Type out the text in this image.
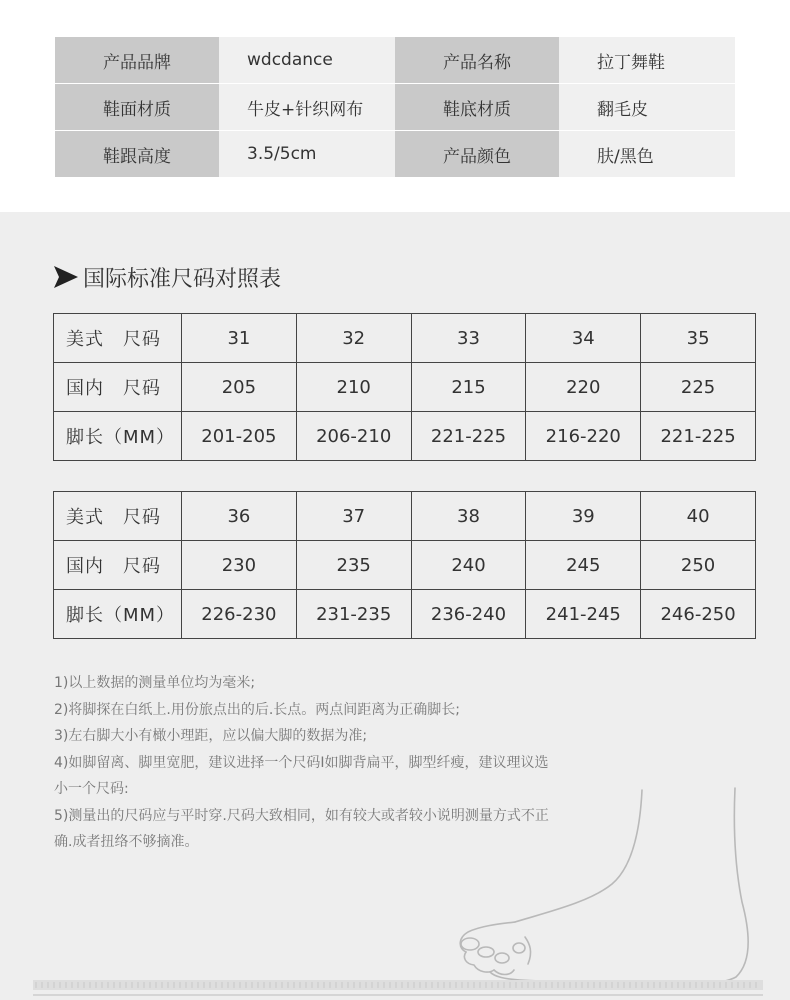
产品品牌	wdcdance	产品名称	拉丁舞鞋
鞋面材质	牛皮+针织网布	鞋底材质	翻毛皮
鞋跟高度	3.5/5cm	产品颜色	肤/黑色
国际标准尺码对照表
美式　尺码	31	32	33	34	35
国内　尺码	205	210	215	220	225
脚长（MM）	201-205	206-210	221-225	216-220	221-225
美式　尺码	36	37	38	39	40
国内　尺码	230	235	240	245	250
脚长（MM）	226-230	231-235	236-240	241-245	246-250

1)以上数据的测量单位均为毫米;

2)将脚探在白纸上.用份旅点出的后.长点。两点间距离为正确脚长;

3)左右脚大小有橄小理距，应以偏大脚的数据为准;

4)如脚留离、脚里宽肥，建议进择一个尺码I如脚背扁平，脚型纤瘦，建议理议选小一个尺码:

5)测量出的尺码应与平时穿.尺码大致相同，如有较大或者较小说明测量方式不正确.成者扭络不够摘准。
